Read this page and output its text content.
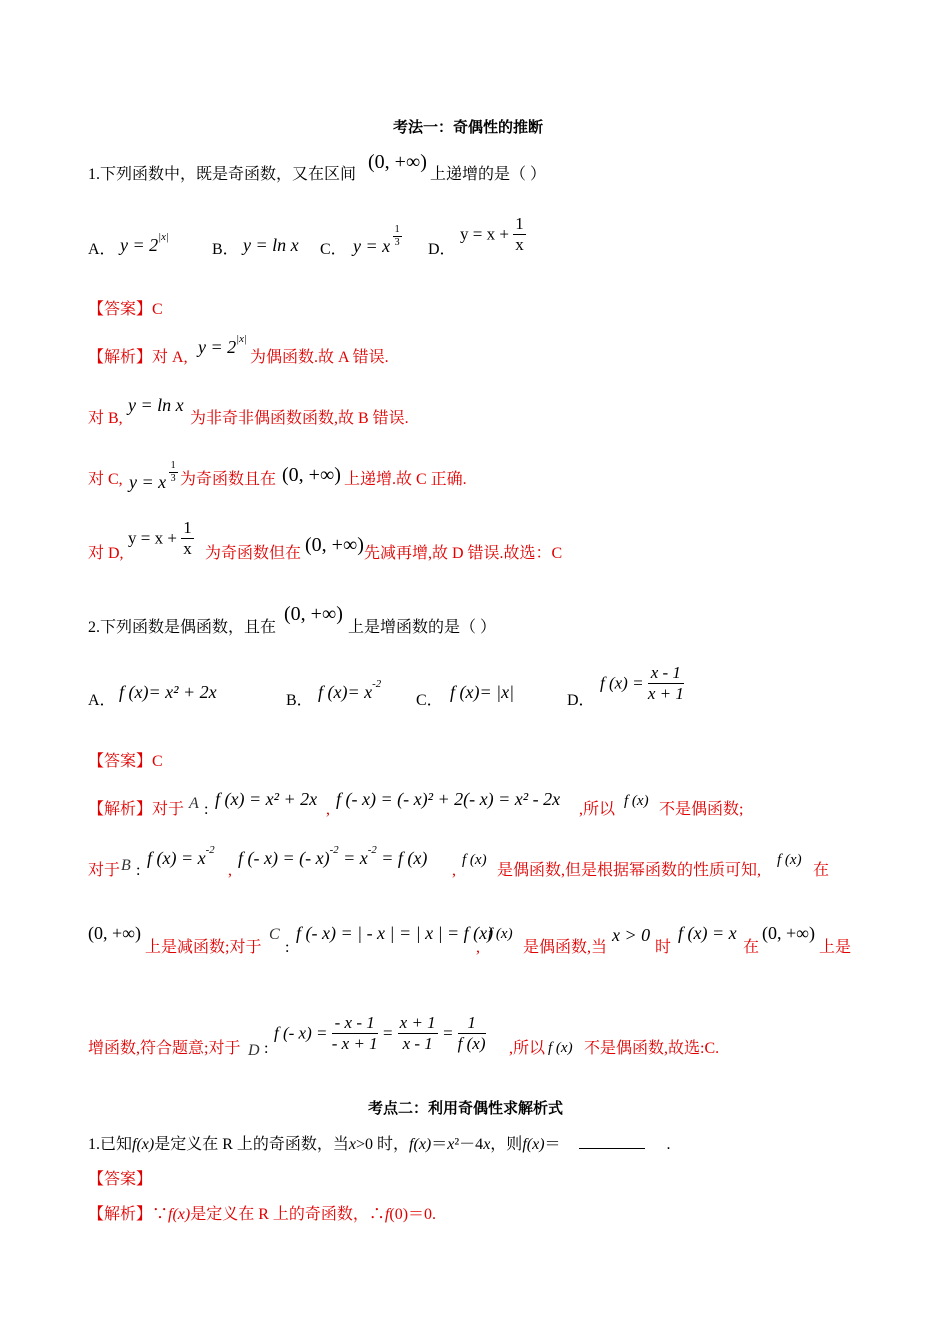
考法一：奇偶性的推断
1.下列函数中，既是奇函数，又在区间
(0, +∞)
上递增的是（ ）
A． $y = 2^{|x|}$
B． y = ln x C． y = x $\frac{1}{3}$
D．
$y = x + \frac{1}{x}$
【答案】C
【解析】对 A,
$y = 2^{|x|}$
为偶函数.故 A 错误.
对 B,
y = ln x
为非奇非偶函数函数,故 B 错误.
对 C, y = x $\frac{1}{3}$ 为奇函数且在 (0, +∞) 上递增.故 C 正确.
对 D,
$y = x + \frac{1}{x}$ 为奇函数但在 (0, +∞) 先减再增,故 D 错误.故选：C
2.下列函数是偶函数，且在
(0, +∞)
上是增函数的是（ ）
A． f (x)= x² + 2x	B． f $(x)= x^{-2}$
C． f (x)= |x|	D．
f $(x) = \frac{x - 1}{x + 1}$
【答案】C
【解析】对于 A :
f (x) = x² + 2x
,
f (- x) = (- x)² + 2(- x) = x² - 2x
,所以 f (x) 不是偶函数;
对于 B :
f $(x) = x^{-2}$
,
f (- x) = (- $x)^{-2} = x^{-2} = f$ (x)
,
f (x)
是偶函数,但是根据幂函数的性质可知,
f (x)
在
(0, +∞)
上是减函数;对于
C
:
f (- x) = | - x | = | x | = f (x)
,
f (x)
是偶函数,当
x > 0
时
f (x) = x
在
(0, +∞)
上是
增函数,符合题意;对于 D :
f (- $x) = \frac{- x - 1}{- x + 1} = \frac{x + 1}{x - 1} = \frac{1}{f (x)}$ ,所以 f (x) 不是偶函数,故选:C.
考点二：利用奇偶性求解析式
1.已知f(x)是定义在 R 上的奇函数，当x>0 时，f(x)＝x²－4x，则f(x)＝	.
【答案】
【解析】∵f(x)是定义在 R 上的奇函数，∴f(0)＝0.
